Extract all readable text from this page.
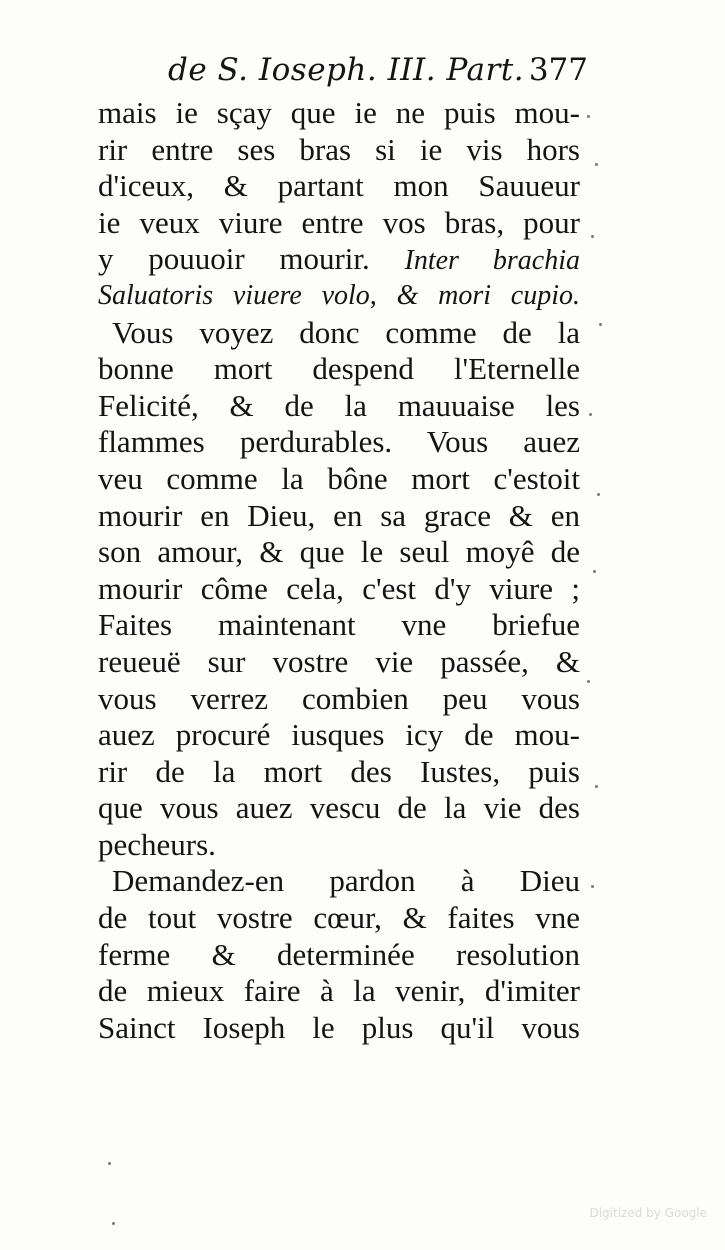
de S. Ioseph. III. Part. 377
mais ie sçay que ie ne puis mou-
rir entre ses bras si ie vis hors
d'iceux, & partant mon Sauueur
ie veux viure entre vos bras, pour
y pouuoir mourir. Inter brachia
Saluatoris viuere volo, & mori cupio.
Vous voyez donc comme de la
bonne mort despend l'Eternelle
Felicité, & de la mauuaise les
flammes perdurables. Vous auez
veu comme la bône mort c'estoit
mourir en Dieu, en sa grace & en
son amour, & que le seul moyê de
mourir côme cela, c'est d'y viure ;
Faites maintenant vne briefue
reueuë sur vostre vie passée, &
vous verrez combien peu vous
auez procuré iusques icy de mou-
rir de la mort des Iustes, puis
que vous auez vescu de la vie des
pecheurs.
Demandez-en pardon à Dieu
de tout vostre cœur, & faites vne
ferme & determinée resolution
de mieux faire à la venir, d'imiter
Sainct Ioseph le plus qu'il vous
Digitized by Google
